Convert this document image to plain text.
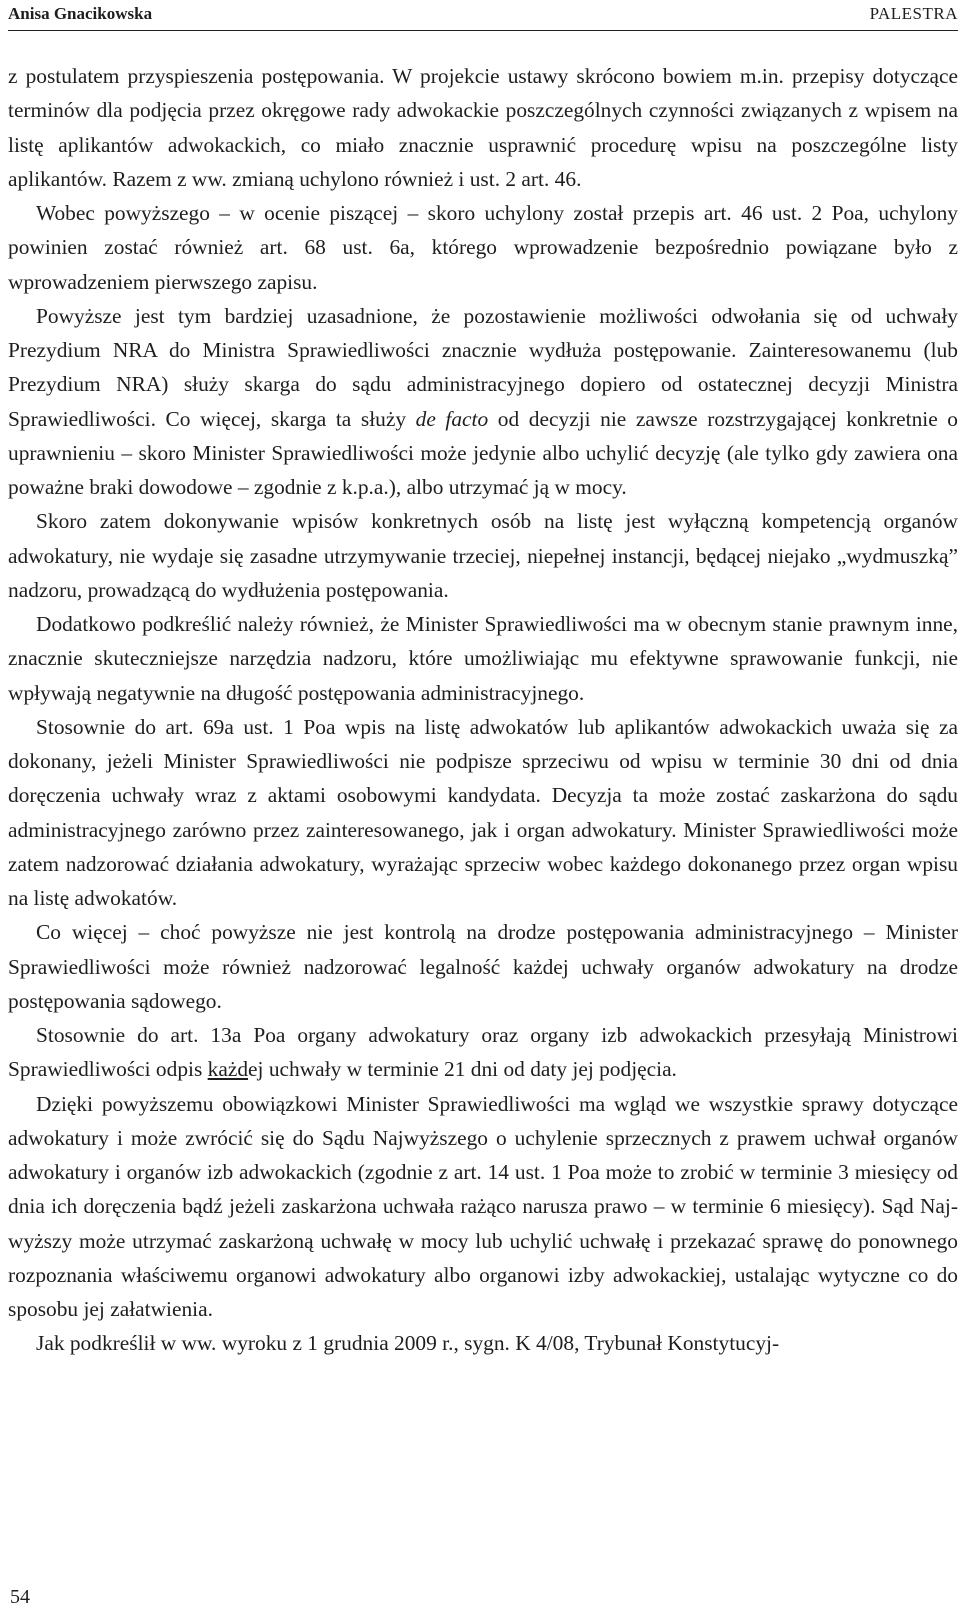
Anisa Gnacikowska	PALESTRA

z postulatem przyspieszenia postępowania. W projekcie ustawy skrócono bowiem m.in. przepisy dotyczące terminów dla podjęcia przez okręgowe rady adwokackie poszczególnych czynności związanych z wpisem na listę aplikantów adwokackich, co miało znacznie usprawnić procedurę wpisu na poszczególne listy aplikantów. Razem z ww. zmianą uchylono również i ust. 2 art. 46.

Wobec powyższego – w ocenie piszącej – skoro uchylony został przepis art. 46 ust. 2 Poa, uchylony powinien zostać również art. 68 ust. 6a, którego wprowadzenie bezpośrednio powiązane było z wprowadzeniem pierwszego zapisu.

Powyższe jest tym bardziej uzasadnione, że pozostawienie możliwości odwołania się od uchwały Prezydium NRA do Ministra Sprawiedliwości znacznie wydłuża postępowanie. Zainteresowanemu (lub Prezydium NRA) służy skarga do sądu administracyjnego dopiero od ostatecznej decyzji Ministra Sprawiedliwości. Co więcej, skarga ta służy de facto od decyzji nie zawsze rozstrzygającej konkretnie o uprawnieniu – skoro Minister Sprawiedliwości może jedynie albo uchylić decyzję (ale tylko gdy zawiera ona poważne braki dowodowe – zgodnie z k.p.a.), albo utrzymać ją w mocy.

Skoro zatem dokonywanie wpisów konkretnych osób na listę jest wyłączną kompetencją organów adwokatury, nie wydaje się zasadne utrzymywanie trzeciej, niepełnej instancji, będącej niejako „wydmuszką” nadzoru, prowadzącą do wydłużenia postępowania.

Dodatkowo podkreślić należy również, że Minister Sprawiedliwości ma w obecnym stanie prawnym inne, znacznie skuteczniejsze narzędzia nadzoru, które umożliwiając mu efektywne sprawowanie funkcji, nie wpływają negatywnie na długość postępowania administracyjnego.

Stosownie do art. 69a ust. 1 Poa wpis na listę adwokatów lub aplikantów adwokackich uważa się za dokonany, jeżeli Minister Sprawiedliwości nie podpisze sprzeciwu od wpisu w terminie 30 dni od dnia doręczenia uchwały wraz z aktami osobowymi kandydata. Decyzja ta może zostać zaskarżona do sądu administracyjnego zarówno przez zainteresowanego, jak i organ adwokatury. Minister Sprawiedliwości może zatem nadzorować działania adwokatury, wyrażając sprzeciw wobec każdego dokonanego przez organ wpisu na listę adwokatów.

Co więcej – choć powyższe nie jest kontrolą na drodze postępowania administracyjnego – Minister Sprawiedliwości może również nadzorować legalność każdej uchwały organów adwokatury na drodze postępowania sądowego.

Stosownie do art. 13a Poa organy adwokatury oraz organy izb adwokackich przesyłają Ministrowi Sprawiedliwości odpis każdej uchwały w terminie 21 dni od daty jej podjęcia.

Dzięki powyższemu obowiązkowi Minister Sprawiedliwości ma wgląd we wszystkie sprawy dotyczące adwokatury i może zwrócić się do Sądu Najwyższego o uchylenie sprzecznych z prawem uchwał organów adwokatury i organów izb adwokackich (zgodnie z art. 14 ust. 1 Poa może to zrobić w terminie 3 miesięcy od dnia ich doręczenia bądź jeżeli zaskarżona uchwała rażąco narusza prawo – w terminie 6 miesięcy). Sąd Najwyższy może utrzymać zaskarżoną uchwałę w mocy lub uchylić uchwałę i przekazać sprawę do ponownego rozpoznania właściwemu organowi adwokatury albo organowi izby adwokackiej, ustalając wytyczne co do sposobu jej załatwienia.

Jak podkreślił w ww. wyroku z 1 grudnia 2009 r., sygn. K 4/08, Trybunał Konstytucyj-

54
